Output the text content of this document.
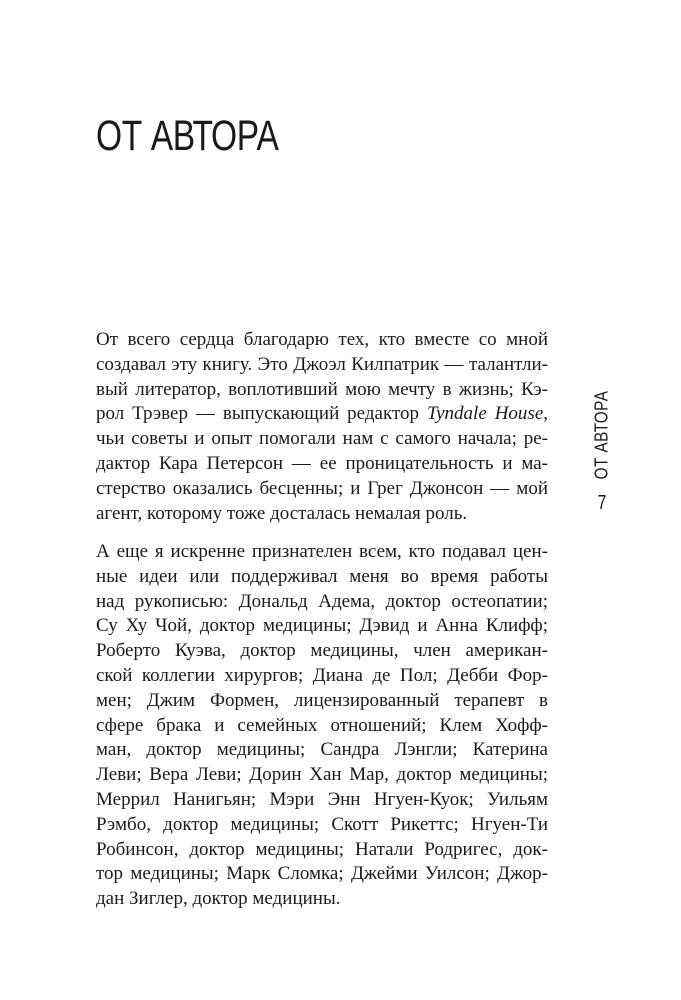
ОТ АВТОРА
От всего сердца благодарю тех, кто вместе со мной
создавал эту книгу. Это Джоэл Килпатрик — талантли-
вый литератор, воплотивший мою мечту в жизнь; Кэ-
рол Трэвер — выпускающий редактор Tyndale House,
чьи советы и опыт помогали нам с самого начала; ре-
дактор Кара Петерсон — ее проницательность и ма-
стерство оказались бесценны; и Грег Джонсон — мой
агент, которому тоже досталась немалая роль.
А еще я искренне признателен всем, кто подавал цен-
ные идеи или поддерживал меня во время работы
над рукописью: Дональд Адема, доктор остеопатии;
Су Ху Чой, доктор медицины; Дэвид и Анна Клифф;
Роберто Куэва, доктор медицины, член американ-
ской коллегии хирургов; Диана де Пол; Дебби Фор-
мен; Джим Формен, лицензированный терапевт в
сфере брака и семейных отношений; Клем Хофф-
ман, доктор медицины; Сандра Лэнгли; Катерина
Леви; Вера Леви; Дорин Хан Мар, доктор медицины;
Меррил Нанигьян; Мэри Энн Нгуен-Куок; Уильям
Рэмбо, доктор медицины; Скотт Рикеттс; Нгуен-Ти
Робинсон, доктор медицины; Натали Родригес, док-
тор медицины; Марк Сломка; Джейми Уилсон; Джор-
дан Зиглер, доктор медицины.
ОТ АВТОРА
7
